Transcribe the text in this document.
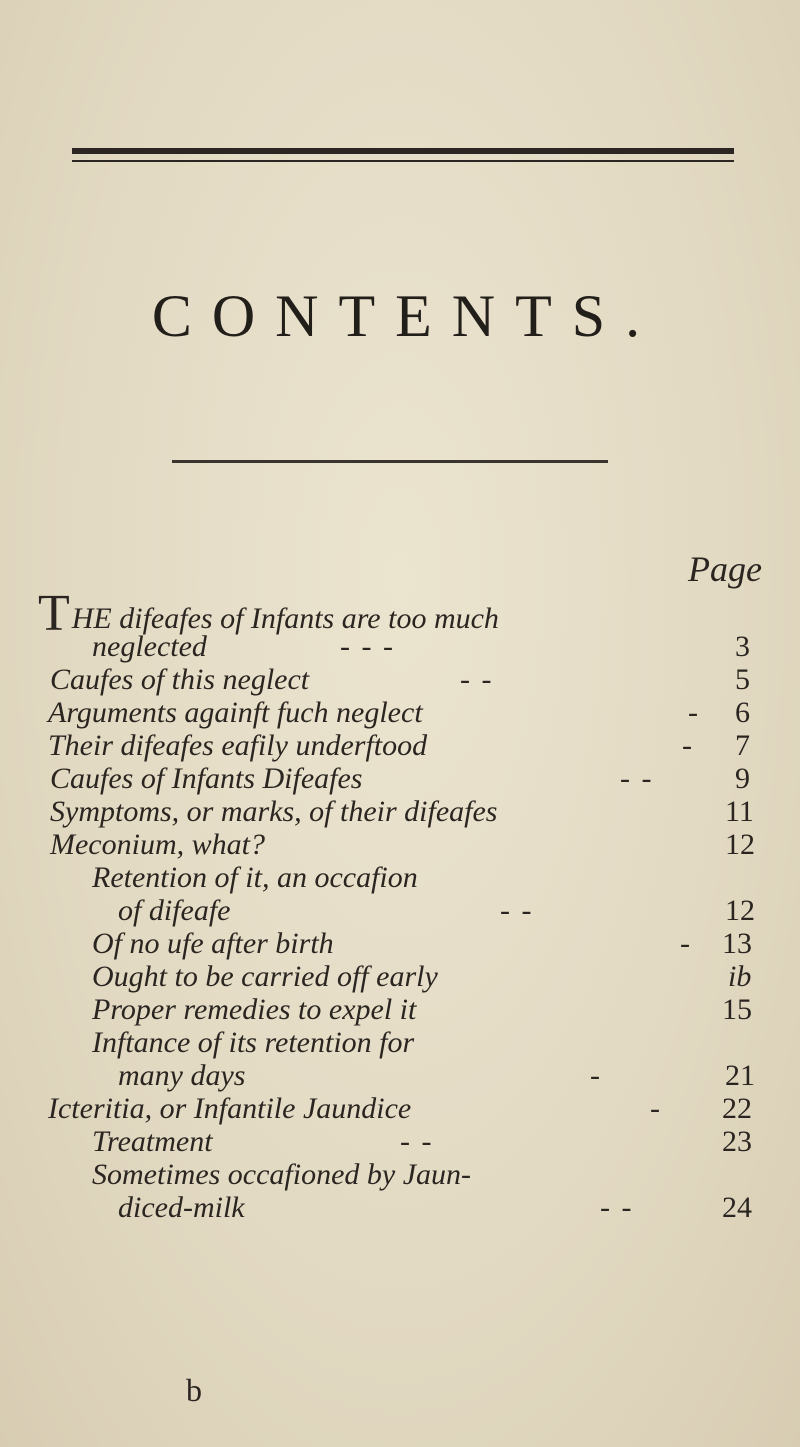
CONTENTS.
Page
THE difeafes of Infants are too much
neglected	- - -	3
Caufes of this neglect	- -	5
Arguments againft fuch neglect	- 6
Their difeafes eafily underftood	- 7
Caufes of Infants Difeafes	- -	9
Symptoms, or marks, of their difeafes	11
Meconium, what?	12
Retention of it, an occafion
of difeafe	- -	12
Of no ufe after birth	- 13
Ought to be carried off early	ib
Proper remedies to expel it	15
Inftance of its retention for
many days	-	21
Icteritia, or Infantile Jaundice	- 22
Treatment	- -	23
Sometimes occafioned by Jaun-
diced-milk	- -	24
b
